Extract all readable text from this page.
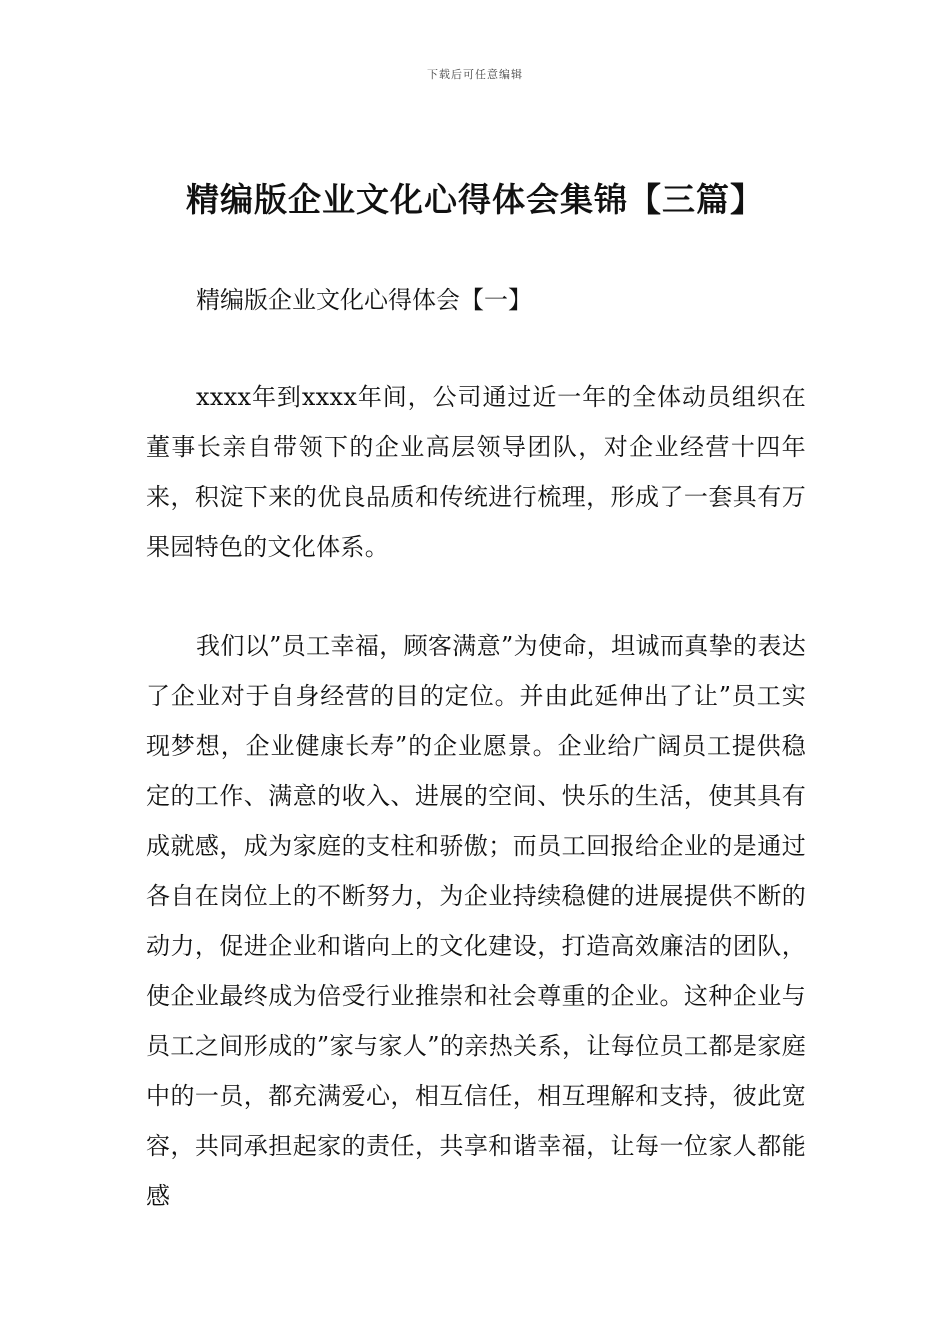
下载后可任意编辑
精编版企业文化心得体会集锦【三篇】
精编版企业文化心得体会【一】

xxxx年到xxxx年间，公司通过近一年的全体动员组织在董事长亲自带领下的企业高层领导团队，对企业经营十四年来，积淀下来的优良品质和传统进行梳理，形成了一套具有万果园特色的文化体系。

我们以”员工幸福，顾客满意”为使命，坦诚而真挚的表达了企业对于自身经营的目的定位。并由此延伸出了让”员工实现梦想，企业健康长寿”的企业愿景。企业给广阔员工提供稳定的工作、满意的收入、进展的空间、快乐的生活，使其具有成就感，成为家庭的支柱和骄傲；而员工回报给企业的是通过各自在岗位上的不断努力，为企业持续稳健的进展提供不断的动力，促进企业和谐向上的文化建设，打造高效廉洁的团队，使企业最终成为倍受行业推崇和社会尊重的企业。这种企业与员工之间形成的”家与家人”的亲热关系，让每位员工都是家庭中的一员，都充满爱心，相互信任，相互理解和支持，彼此宽容，共同承担起家的责任，共享和谐幸福，让每一位家人都能感
